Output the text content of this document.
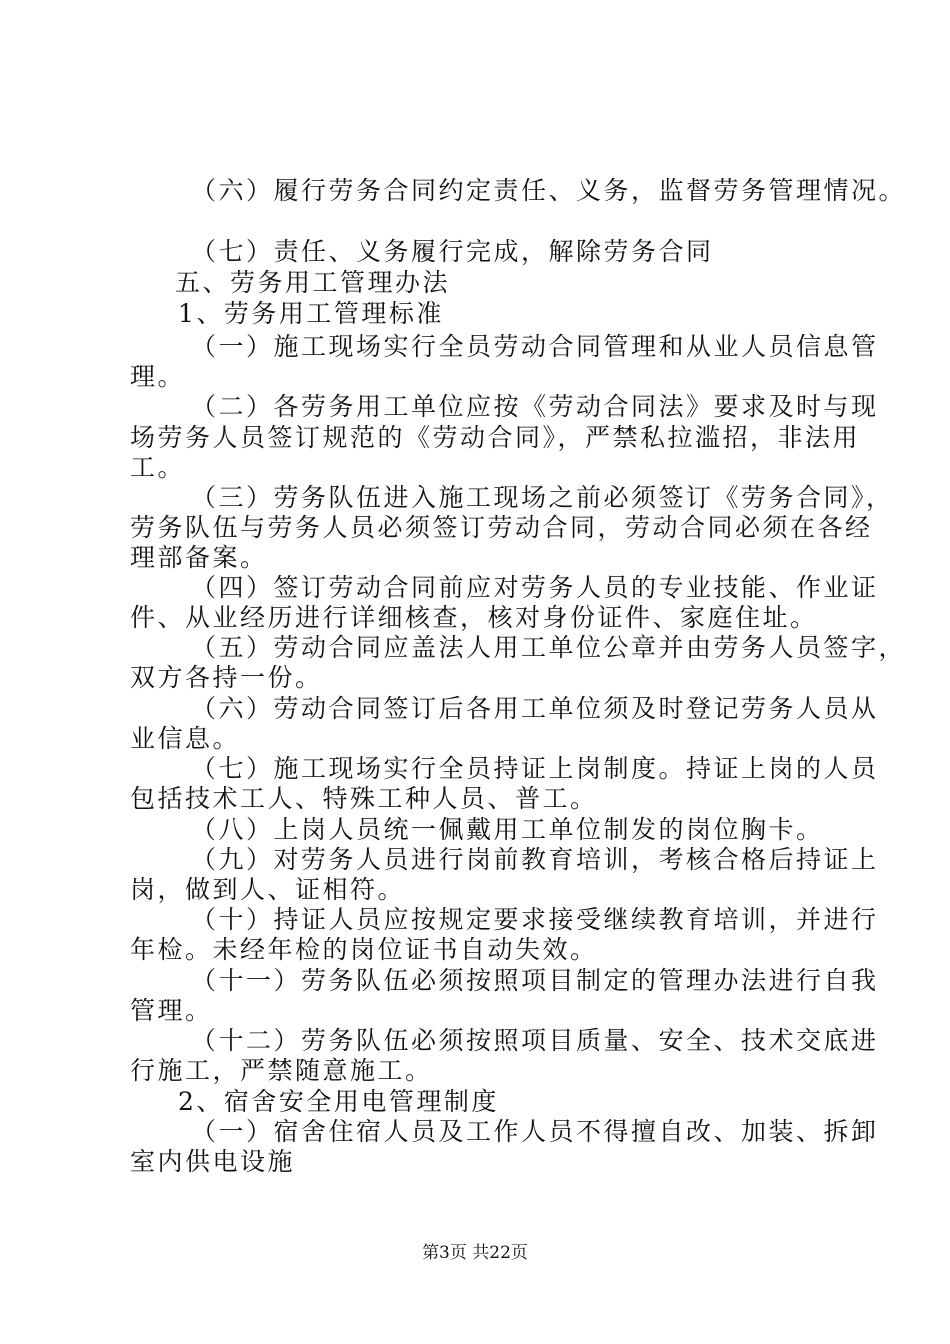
（六）履行劳务合同约定责任、义务，监督劳务管理情况。
（七）责任、义务履行完成，解除劳务合同
五、劳务用工管理办法
1、劳务用工管理标准
（一）施工现场实行全员劳动合同管理和从业人员信息管
理。
（二）各劳务用工单位应按《劳动合同法》要求及时与现
场劳务人员签订规范的《劳动合同》，严禁私拉滥招，非法用
工。
（三）劳务队伍进入施工现场之前必须签订《劳务合同》，
劳务队伍与劳务人员必须签订劳动合同，劳动合同必须在各经
理部备案。
（四）签订劳动合同前应对劳务人员的专业技能、作业证
件、从业经历进行详细核查，核对身份证件、家庭住址。
（五）劳动合同应盖法人用工单位公章并由劳务人员签字，
双方各持一份。
（六）劳动合同签订后各用工单位须及时登记劳务人员从
业信息。
（七）施工现场实行全员持证上岗制度。持证上岗的人员
包括技术工人、特殊工种人员、普工。
（八）上岗人员统一佩戴用工单位制发的岗位胸卡。
（九）对劳务人员进行岗前教育培训，考核合格后持证上
岗，做到人、证相符。
（十）持证人员应按规定要求接受继续教育培训，并进行
年检。未经年检的岗位证书自动失效。
（十一）劳务队伍必须按照项目制定的管理办法进行自我
管理。
（十二）劳务队伍必须按照项目质量、安全、技术交底进
行施工，严禁随意施工。
2、宿舍安全用电管理制度
（一）宿舍住宿人员及工作人员不得擅自改、加装、拆卸
室内供电设施
第3页 共22页
